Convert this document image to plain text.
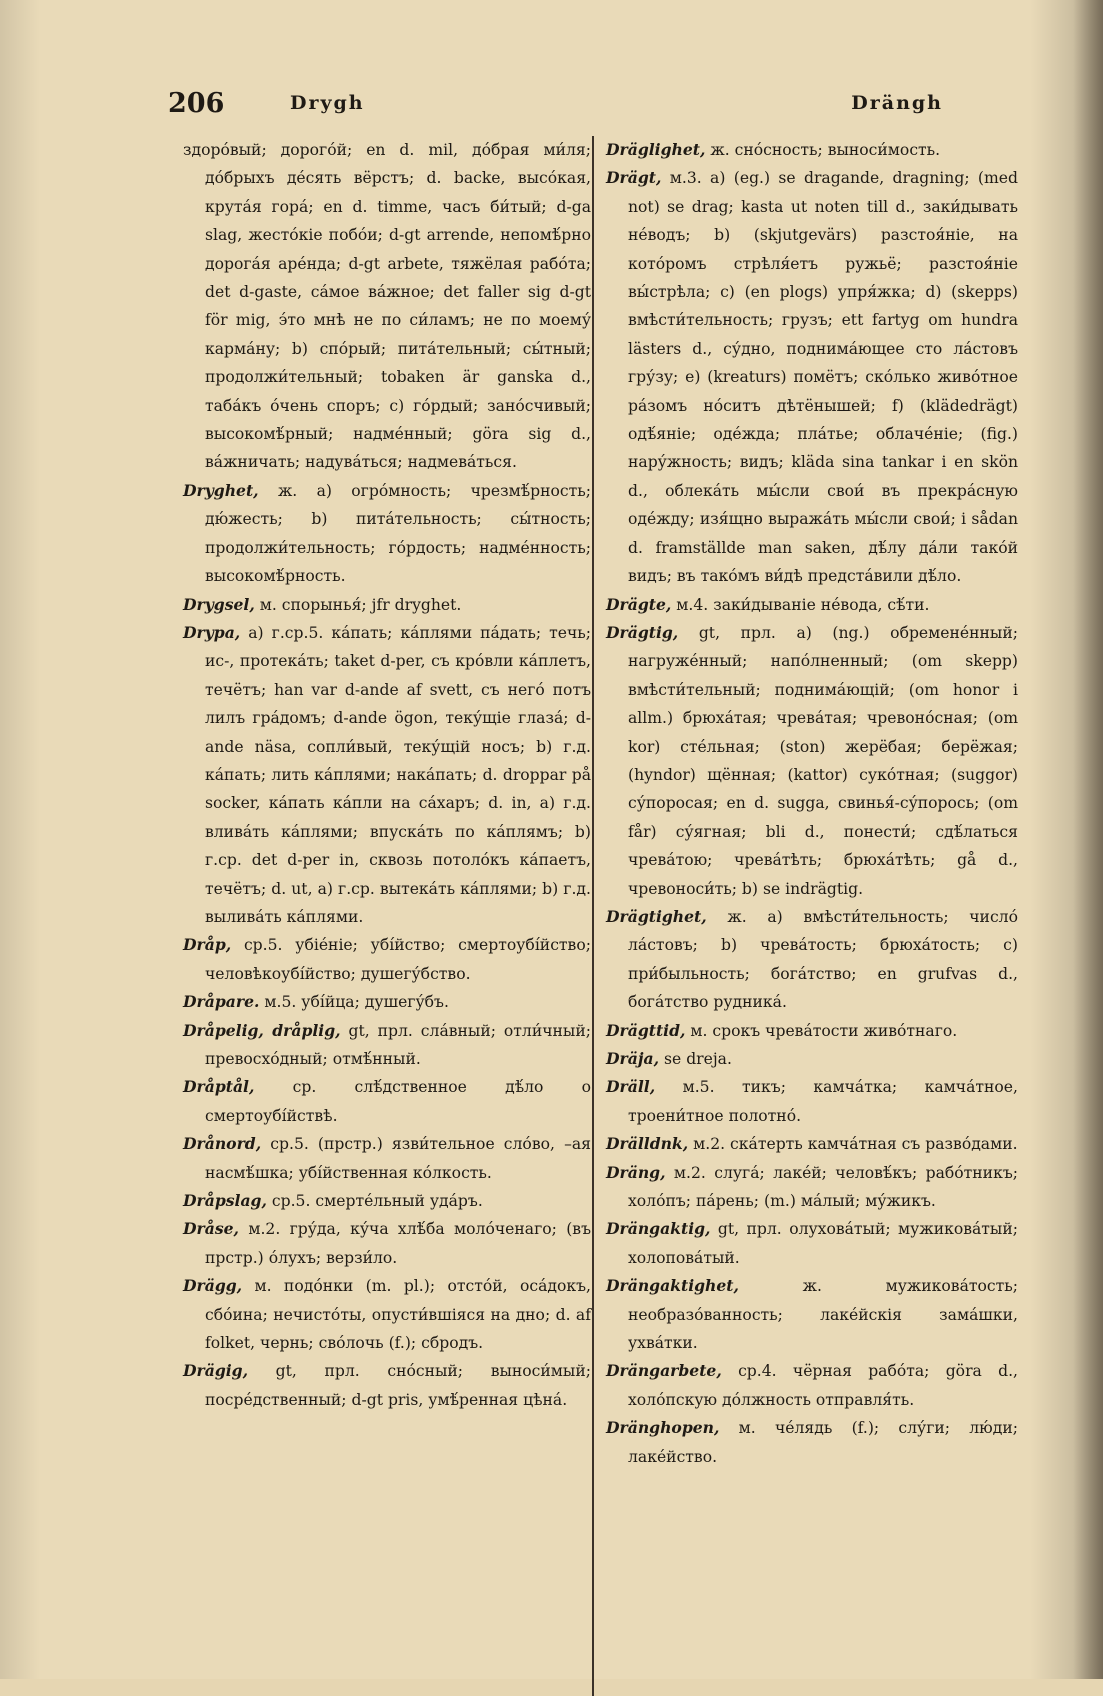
206	Drygh	Drängh

здоро́вый; дорого́й; en d. mil, до́брая ми́ля; до́брыхъ де́сять вёрстъ; d. backe, высо́кая, крута́я гора́; en d. timme, часъ би́тый; d-ga slag, жесто́кіе побо́и; d-gt arrende, непомѣ́рно дорога́я аре́нда; d-gt arbete, тяжёлая рабо́та; det d-gaste, са́мое ва́жное; det faller sig d-gt för mig, э́то мнѣ не по си́ламъ; не по моему́ карма́ну; b) спо́рый; пита́тельный; сы́тный; продолжи́тельный; tobaken är ganska d., таба́къ о́чень споръ; c) го́рдый; зано́счивый; высокомѣ́рный; надме́нный; göra sig d., ва́жничать; надува́ться; надмева́ться.

Dryghet, ж. a) огро́мность; чрезмѣ́рность; дю́жесть; b) пита́тельность; сы́тность; продолжи́тельность; го́рдость; надме́нность; высокомѣ́рность.

Drygsel, м. спорынья́; jfr dryghet.

Drypa, a) г.ср.5. ка́пать; ка́плями па́дать; течь; ис-, протека́ть; taket d-per, съ кро́вли ка́плетъ, течётъ; han var d-ande af svett, съ него́ потъ лилъ гра́домъ; d-ande ögon, теку́щіе глаза́; d-ande näsa, сопли́вый, теку́щій носъ; b) г.д. ка́пать; лить ка́плями; нака́пать; d. droppar på socker, ка́пать ка́пли на са́харъ; d. in, a) г.д. влива́ть ка́плями; впуска́ть по ка́плямъ; b) г.ср. det d-per in, сквозь потоло́къ ка́паетъ, течётъ; d. ut, a) г.ср. вытека́ть ка́плями; b) г.д. вылива́ть ка́плями.

Dråp, ср.5. убіе́ніе; убі́йство; смертоубі́йство; человѣкоубі́йство; душегу́бство.

Dråpare. м.5. убі́йца; душегу́бъ.

Dråpelig, dråplig, gt, прл. сла́вный; отли́чный; превосхо́дный; отмѣ́нный.

Dråptål, ср. слѣ́дственное дѣ́ло о смертоубі́йствѣ.

Drånord, ср.5. (прстр.) язви́тельное сло́во, –ая насмѣ́шка; убі́йственная ко́лкость.

Dråpslag, ср.5. смерте́льный уда́ръ.

Dråse, м.2. гру́да, ку́ча хлѣ́ба моло́ченаго; (въ прстр.) о́лухъ; верзи́ло.

Drägg, м. подо́нки (m. pl.); отсто́й, оса́докъ, сбо́ина; нечисто́ты, опусти́вшіяся на дно; d. af folket, чернь; сво́лочь (f.); сбродъ.

Drägig, gt, прл. сно́сный; выноси́мый; посре́дственный; d-gt pris, умѣ́ренная цѣна́.

Dräglighet, ж. сно́сность; выноси́мость.

Drägt, м.3. a) (eg.) se dragande, dragning; (med not) se drag; kasta ut noten till d., заки́дывать не́водъ; b) (skjutgevärs) разстоя́ніе, на кото́ромъ стрѣля́етъ ружьё; разстоя́ніе вы́стрѣла; c) (en plogs) упря́жка; d) (skepps) вмѣсти́тельность; грузъ; ett fartyg om hundra lästers d., су́дно, поднима́ющее сто ла́стовъ гру́зу; e) (kreaturs) помётъ; ско́лько живо́тное ра́зомъ но́ситъ дѣтёнышей; f) (klädedrägt) одѣ́яніе; оде́жда; пла́тье; облаче́ніе; (fig.) нару́жность; видъ; kläda sina tankar i en skön d., облека́ть мы́сли свои́ въ прекра́сную оде́жду; изя́щно выража́ть мы́сли свои́; i sådan d. framställde man saken, дѣ́лу да́ли тако́й видъ; въ тако́мъ ви́дѣ предста́вили дѣ́ло.

Drägte, м.4. заки́дываніе не́вода, сѣ́ти.

Drägtig, gt, прл. a) (ng.) обремене́нный; нагруже́нный; напо́лненный; (om skepp) вмѣсти́тельный; поднима́ющій; (om honor i allm.) брюха́тая; чрева́тая; чревоно́сная; (om kor) сте́льная; (ston) жерёбая; берёжая; (hyndor) щённая; (kattor) суко́тная; (suggor) су́поросая; en d. sugga, свинья́-су́порось; (om får) су́ягная; bli d., понести́; сдѣ́латься чрева́тою; чрева́тѣть; брюха́тѣть; gå d., чревоноси́ть; b) se indrägtig.

Drägtighet, ж. a) вмѣсти́тельность; число́ ла́стовъ; b) чрева́тость; брюха́тость; c) при́быльность; бога́тство; en grufvas d., бога́тство рудника́.

Drägttid, м. срокъ чрева́тости живо́тнаго.

Dräja, se dreja.

Dräll, м.5. тикъ; камча́тка; камча́тное, троени́тное полотно́.

Drälldnk, м.2. ска́терть камча́тная съ разво́дами.

Dräng, м.2. слуга́; лаке́й; человѣ́къ; рабо́тникъ; холо́пъ; па́рень; (m.) ма́лый; му́жикъ.

Drängaktig, gt, прл. олухова́тый; мужикова́тый; холопова́тый.

Drängaktighet,	ж. мужикова́тость; необразо́ванность; лаке́йскія зама́шки, ухва́тки.

Drängarbete, ср.4. чёрная рабо́та; göra d., холо́пскую до́лжность отправля́ть.

Dränghopen, м. че́лядь (f.); слу́ги; лю́ди; лаке́йство.
